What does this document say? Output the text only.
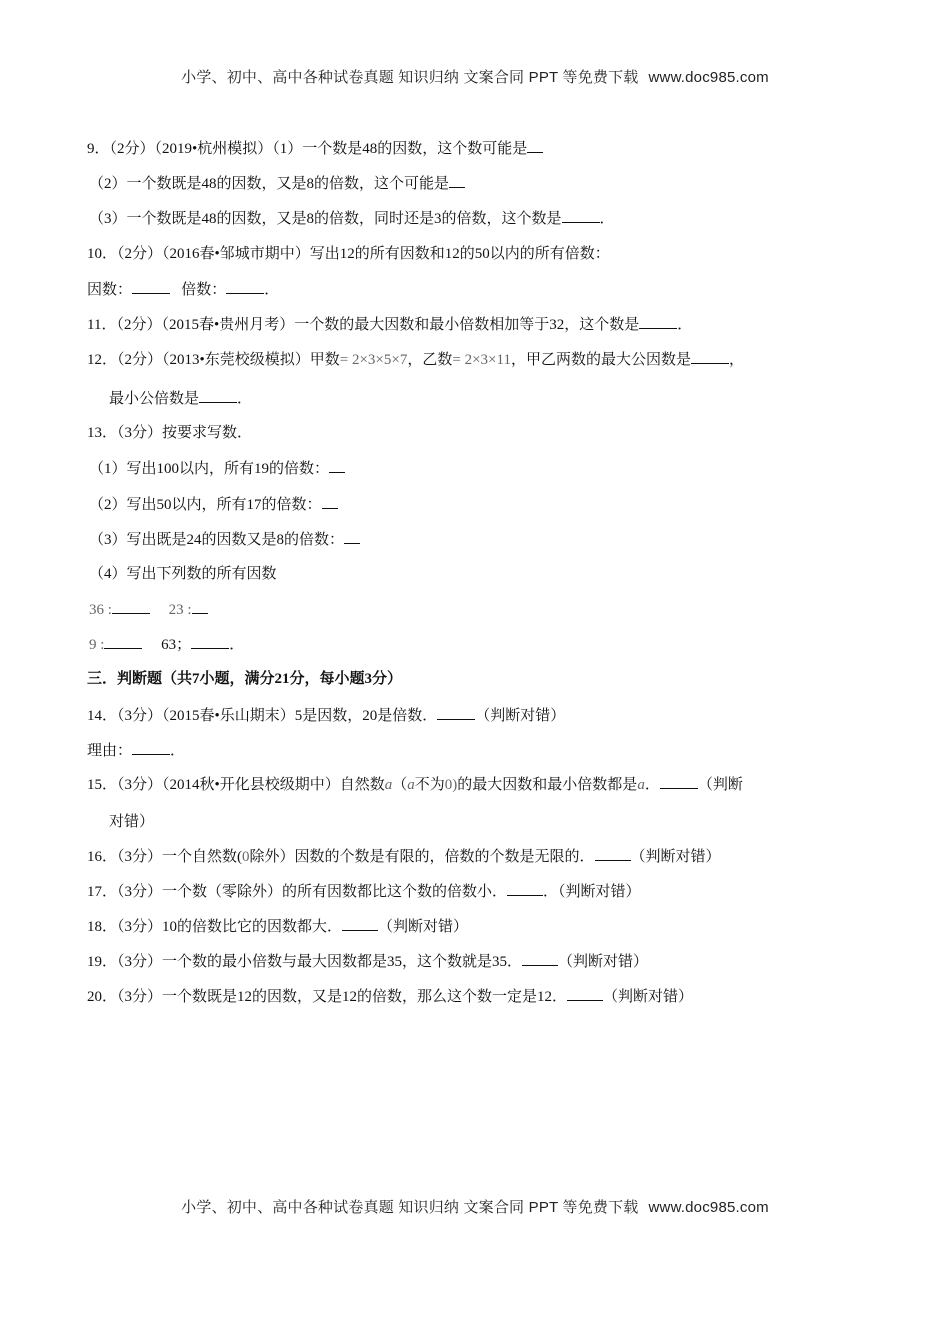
小学、初中、高中各种试卷真题 知识归纳 文案合同 PPT 等免费下载 www.doc985.com
9．（2分）（2019•杭州模拟）（1）一个数是48的因数，这个数可能是
（2）一个数既是48的因数，又是8的倍数，这个可能是
（3）一个数既是48的因数，又是8的倍数，同时还是3的倍数，这个数是	．
10．（2分）（2016春•邹城市期中）写出12的所有因数和12的50以内的所有倍数：
因数：	倍数：	．
11．（2分）（2015春•贵州月考）一个数的最大因数和最小倍数相加等于32，这个数是	．
12．（2分）（2013•东莞校级模拟）甲数= 2×3×5×7，乙数= 2×3×11，甲乙两数的最大公因数是	，
最小公倍数是	．
13．（3分）按要求写数．
（1）写出100以内，所有19的倍数：
（2）写出50以内，所有17的倍数：
（3）写出既是24的因数又是8的倍数：
（4）写出下列数的所有因数
36 :	23 :
9 :	63；	．
三．判断题（共7小题，满分21分，每小题3分）
14．（3分）（2015春•乐山期末）5是因数，20是倍数．	（判断对错）
理由：	．
15．（3分）（2014秋•开化县校级期中）自然数a（a不为0)的最大因数和最小倍数都是a．	（判断
对错）
16．（3分）一个自然数(0除外）因数的个数是有限的，倍数的个数是无限的． （判断对错）
17．（3分）一个数（零除外）的所有因数都比这个数的倍数小． ．（判断对错）
18．（3分）10的倍数比它的因数都大． （判断对错）
19．（3分）一个数的最小倍数与最大因数都是35，这个数就是35． （判断对错）
20．（3分）一个数既是12的因数，又是12的倍数，那么这个数一定是12． （判断对错）
小学、初中、高中各种试卷真题 知识归纳 文案合同 PPT 等免费下载 www.doc985.com
